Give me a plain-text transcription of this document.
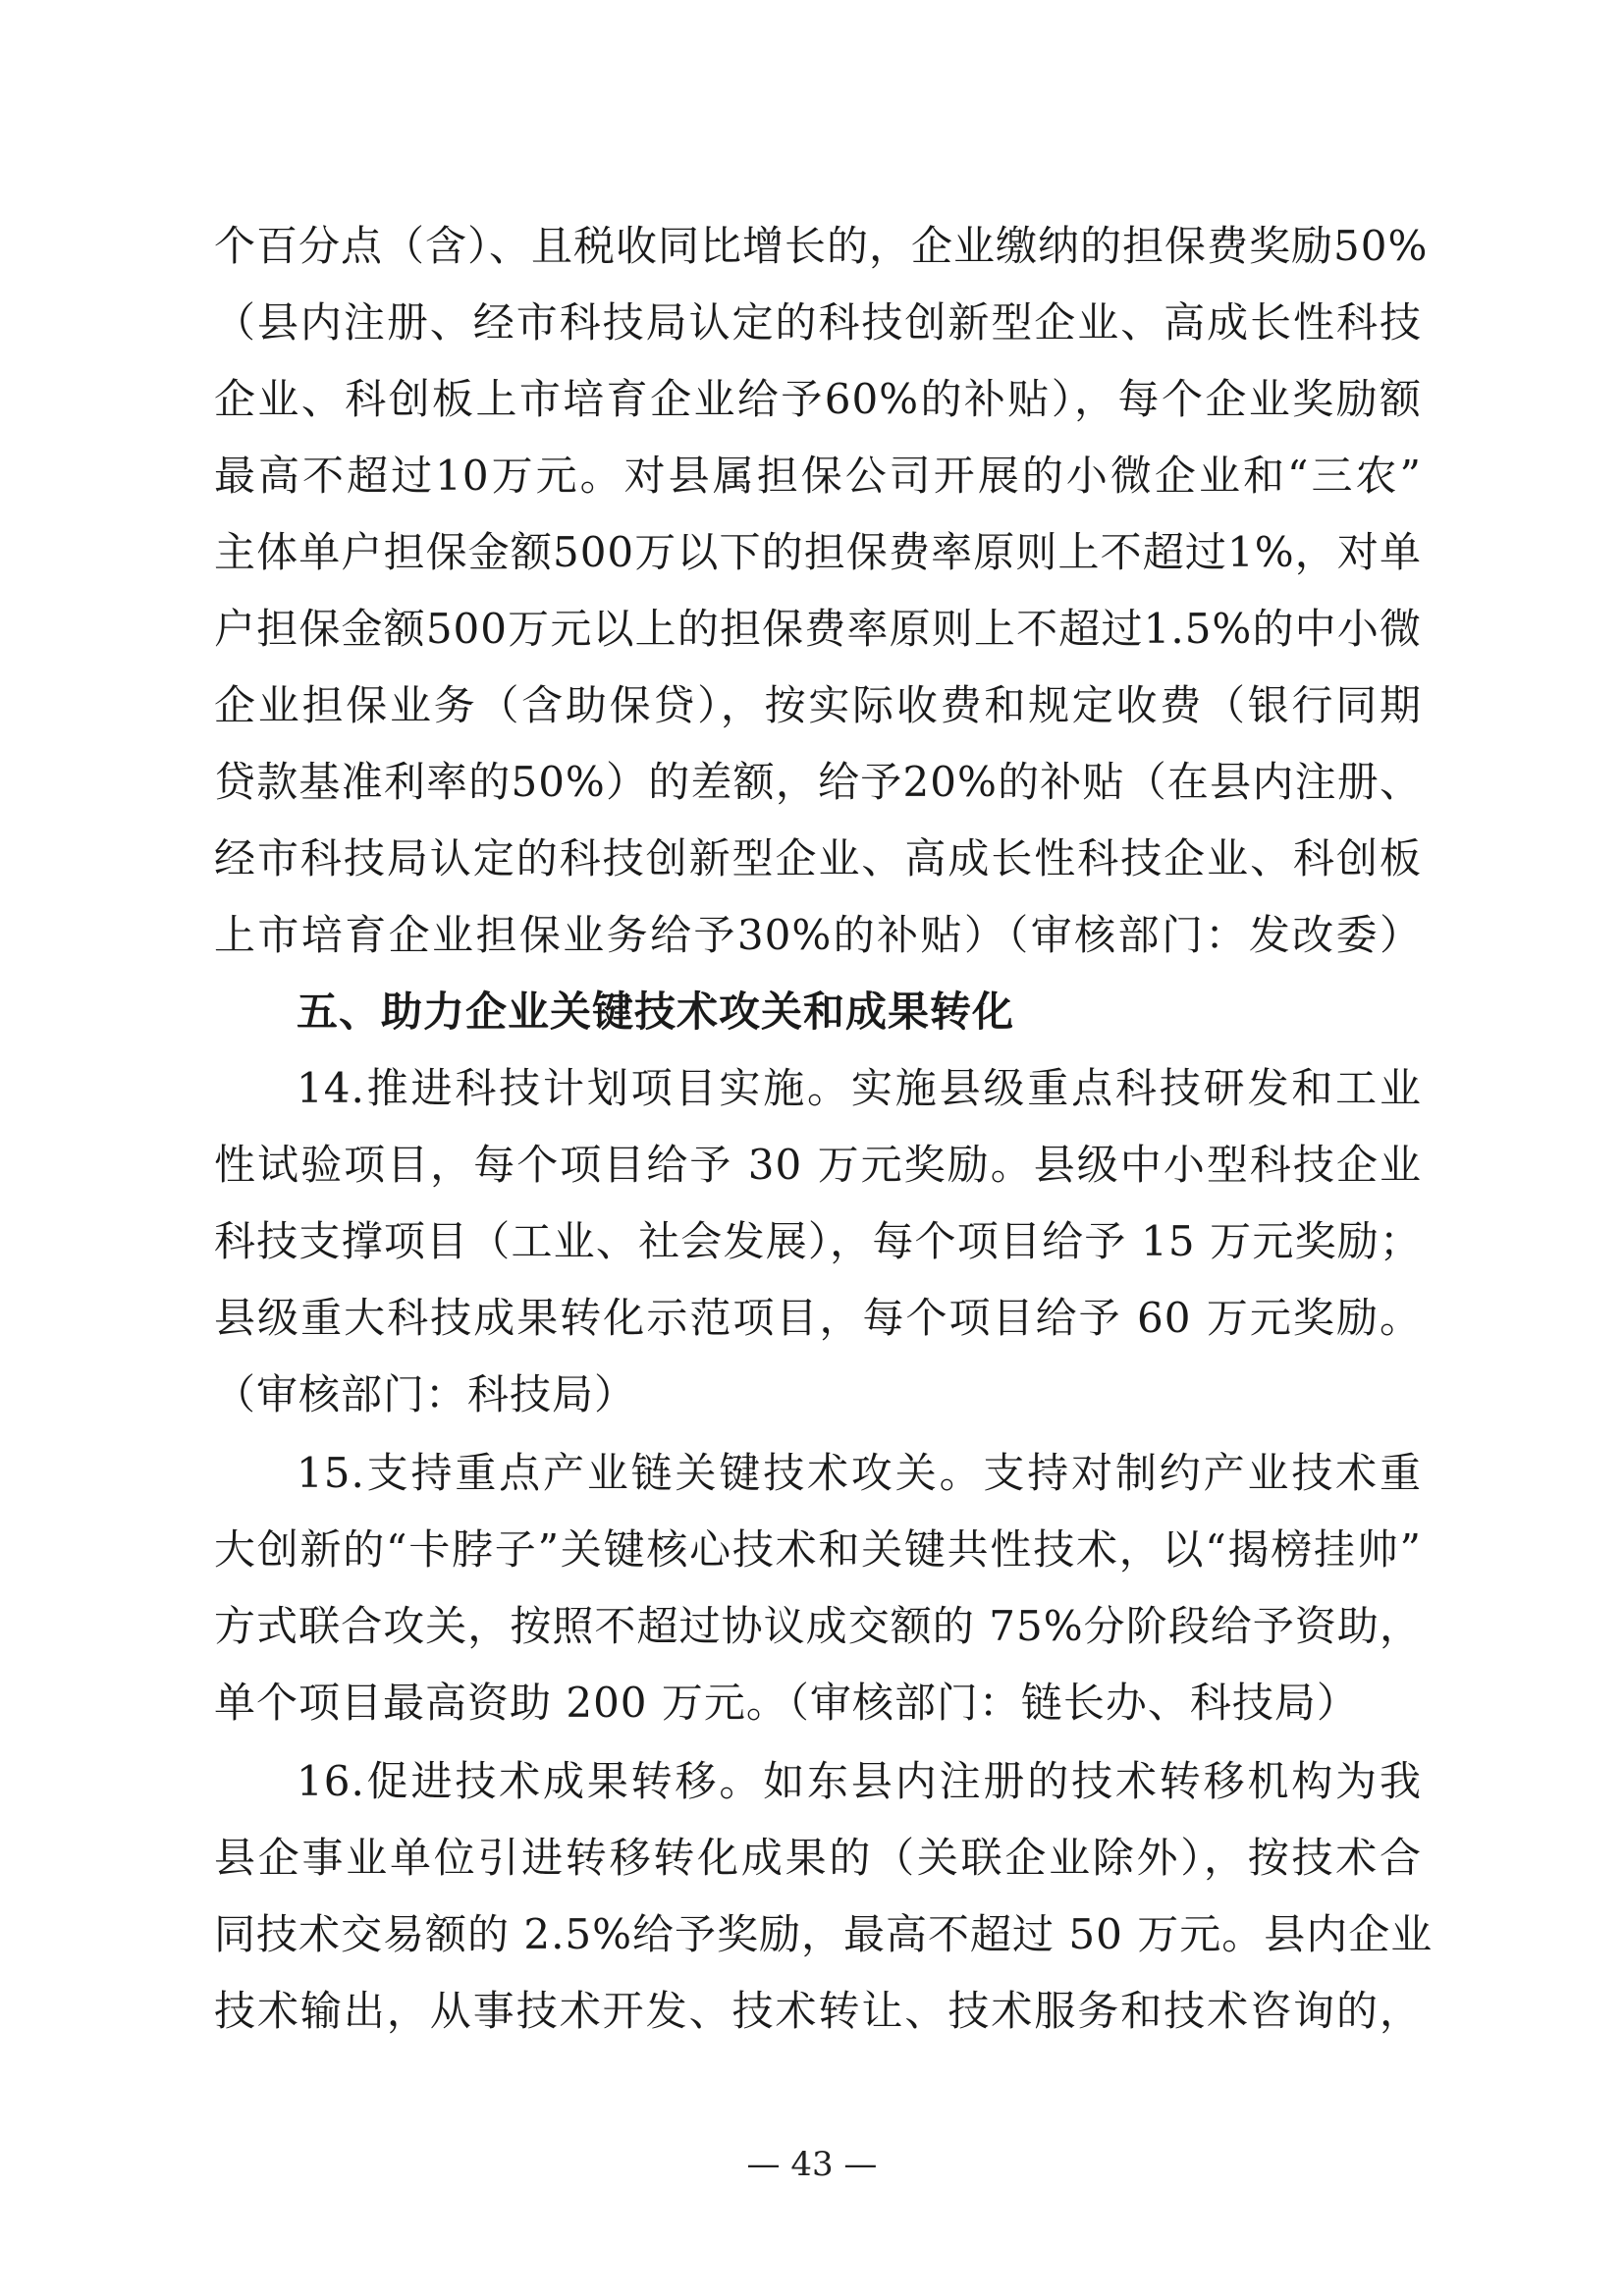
个百分点（含）、且税收同比增长的，企业缴纳的担保费奖励50%
（县内注册、经市科技局认定的科技创新型企业、高成长性科技
企业、科创板上市培育企业给予60%的补贴），每个企业奖励额
最高不超过10万元。对县属担保公司开展的小微企业和“三农”
主体单户担保金额500万以下的担保费率原则上不超过1%，对单
户担保金额500万元以上的担保费率原则上不超过1.5%的中小微
企业担保业务（含助保贷），按实际收费和规定收费（银行同期
贷款基准利率的50%）的差额，给予20%的补贴（在县内注册、
经市科技局认定的科技创新型企业、高成长性科技企业、科创板
上市培育企业担保业务给予30%的补贴）（审核部门：发改委）
五、助力企业关键技术攻关和成果转化
14.推进科技计划项目实施。实施县级重点科技研发和工业
性试验项目，每个项目给予 30 万元奖励。县级中小型科技企业
科技支撑项目（工业、社会发展），每个项目给予 15 万元奖励；
县级重大科技成果转化示范项目，每个项目给予 60 万元奖励。
（审核部门：科技局）
15.支持重点产业链关键技术攻关。支持对制约产业技术重
大创新的“卡脖子”关键核心技术和关键共性技术，以“揭榜挂帅”
方式联合攻关，按照不超过协议成交额的 75%分阶段给予资助，
单个项目最高资助 200 万元。（审核部门：链长办、科技局）
16.促进技术成果转移。如东县内注册的技术转移机构为我
县企事业单位引进转移转化成果的（关联企业除外），按技术合
同技术交易额的 2.5%给予奖励，最高不超过 50 万元。县内企业
技术输出，从事技术开发、技术转让、技术服务和技术咨询的，
— 43 —
